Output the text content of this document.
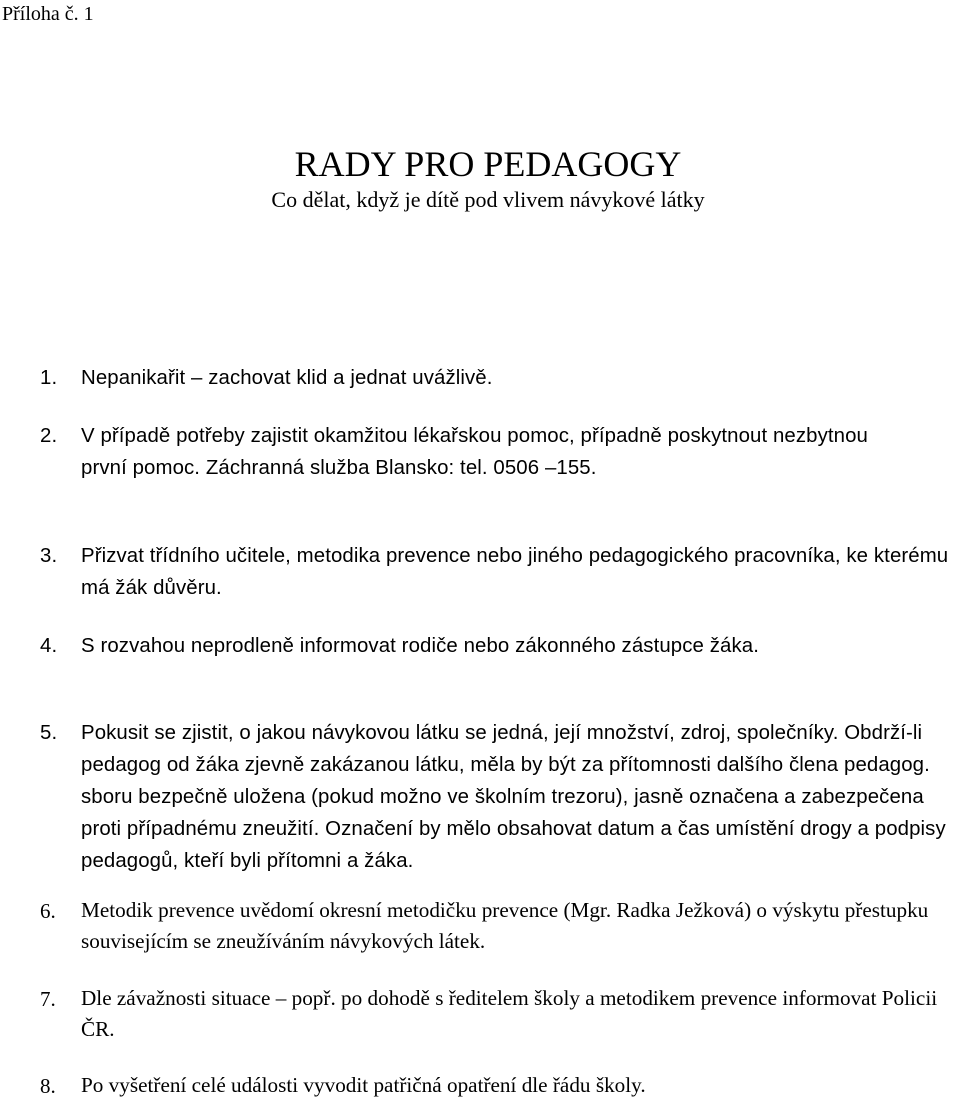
Příloha č. 1
RADY PRO PEDAGOGY
Co dělat, když je dítě pod vlivem návykové látky
1. Nepanikařit – zachovat klid a jednat uvážlivě.

2. V případě potřeby zajistit okamžitou lékařskou pomoc, případně poskytnout nezbytnou první pomoc. Záchranná služba Blansko: tel. 0506 –155.

3. Přizvat třídního učitele, metodika prevence nebo jiného pedagogického pracovníka, ke kterému má žák důvěru.

4. S rozvahou neprodleně informovat rodiče nebo zákonného zástupce žáka.

5. Pokusit se zjistit, o jakou návykovou látku se jedná, její množství, zdroj, společníky. Obdrží-li pedagog od žáka zjevně zakázanou látku, měla by být za přítomnosti dalšího člena pedagog. sboru bezpečně uložena (pokud možno ve školním trezoru), jasně označena a zabezpečena proti případnému zneužití. Označení by mělo obsahovat datum a čas umístění drogy a podpisy pedagogů, kteří byli přítomni a žáka.

6. Metodik prevence uvědomí okresní metodičku prevence (Mgr. Radka Ježková) o výskytu přestupku souvisejícím se zneužíváním návykových látek.

7. Dle závažnosti situace – popř. po dohodě s ředitelem školy a metodikem prevence informovat Policii ČR.

8. Po vyšetření celé události vyvodit patřičná opatření dle řádu školy.
